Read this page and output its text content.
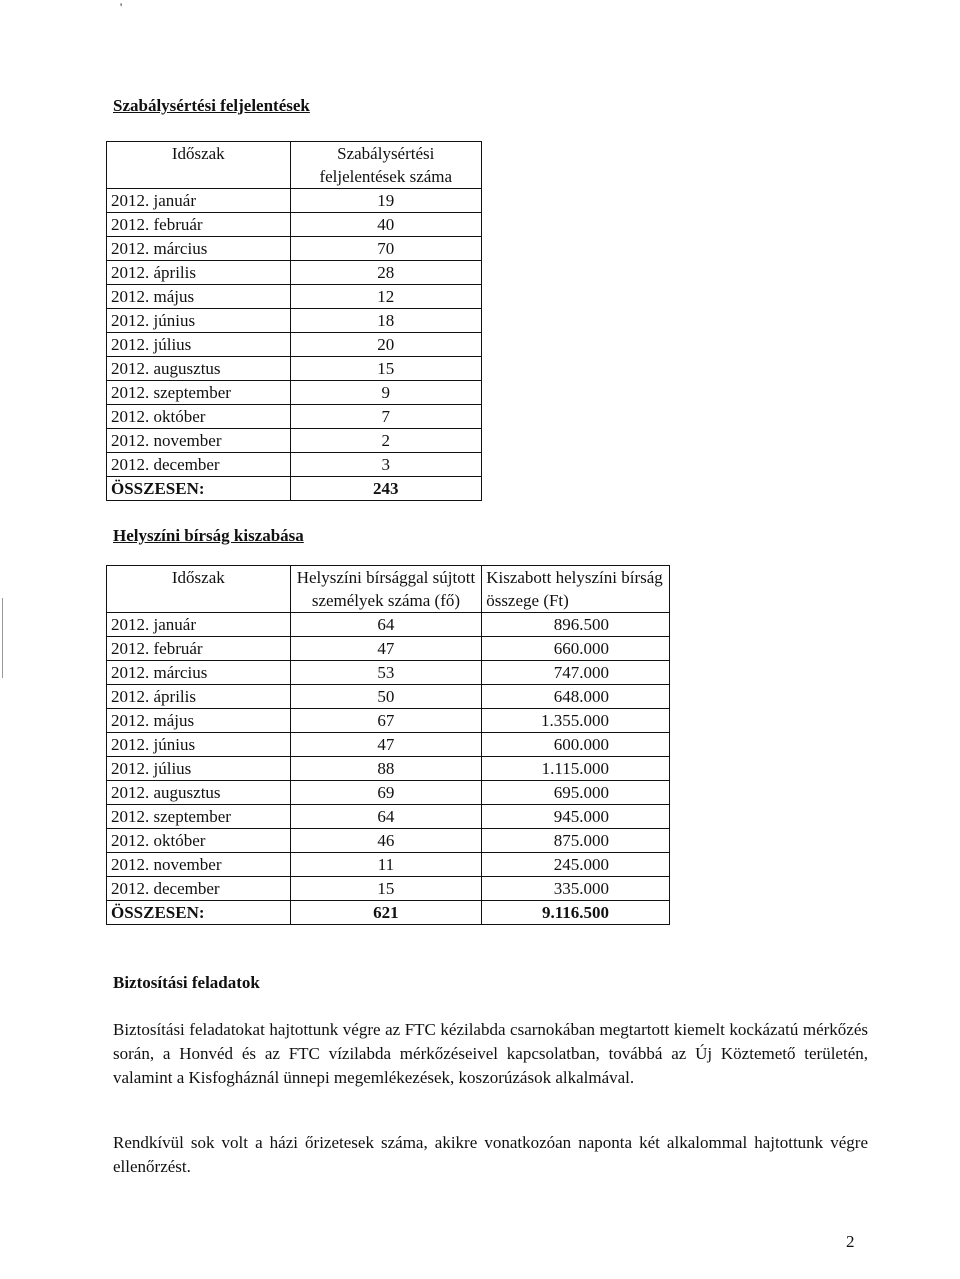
'
Szabálysértési feljelentések
Időszak	Szabálysértési feljelentések száma
2012. január	19
2012. február	40
2012. március	70
2012. április	28
2012. május	12
2012. június	18
2012. július	20
2012. augusztus	15
2012. szeptember	9
2012. október	7
2012. november	2
2012. december	3
ÖSSZESEN:	243
Helyszíni bírság kiszabása
Időszak	Helyszíni bírsággal sújtott személyek száma (fő)	Kiszabott helyszíni bírság összege (Ft)
2012. január	64	896.500
2012. február	47	660.000
2012. március	53	747.000
2012. április	50	648.000
2012. május	67	1.355.000
2012. június	47	600.000
2012. július	88	1.115.000
2012. augusztus	69	695.000
2012. szeptember	64	945.000
2012. október	46	875.000
2012. november	11	245.000
2012. december	15	335.000
ÖSSZESEN:	621	9.116.500
Biztosítási feladatok

Biztosítási feladatokat hajtottunk végre az FTC kézilabda csarnokában megtartott kiemelt kockázatú mérkőzés során, a Honvéd és az FTC vízilabda mérkőzéseivel kapcsolatban, továbbá az Új Köztemető területén, valamint a Kisfogháznál ünnepi megemlékezések, koszorúzások alkalmával.

Rendkívül sok volt a házi őrizetesek száma, akikre vonatkozóan naponta két alkalommal hajtottunk végre ellenőrzést.

2
